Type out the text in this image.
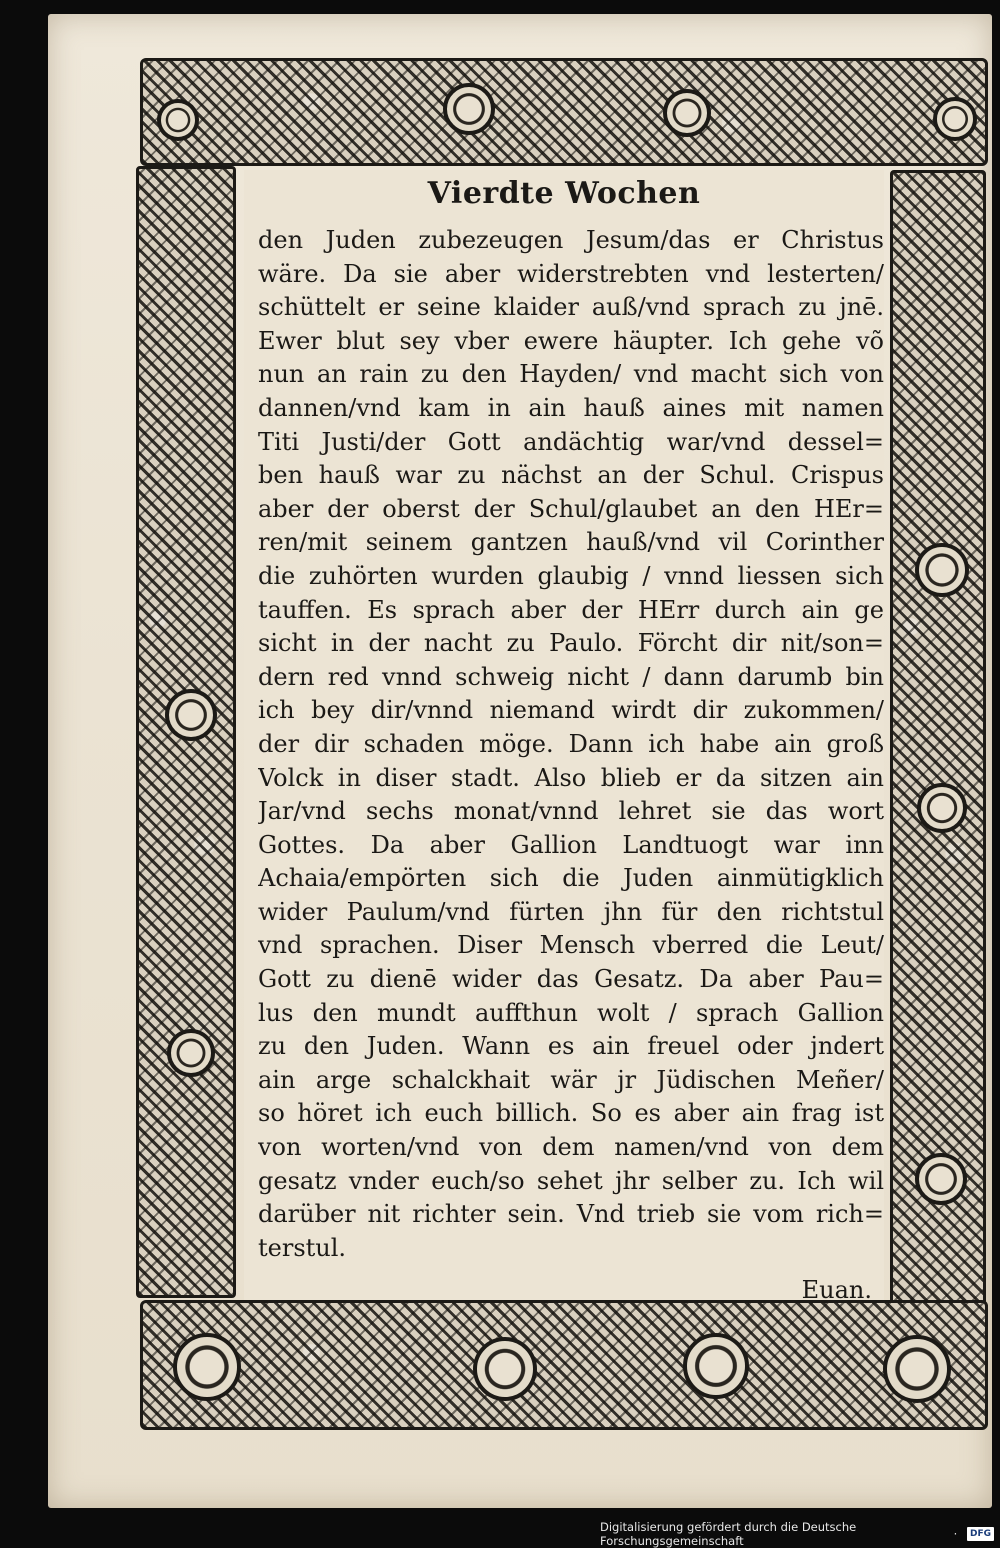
Vierdte Wochen
den Juden zubezeugen Jesum/das er Christus
wäre. Da sie aber widerstrebten vnd lesterten/
schüttelt er seine klaider auß/vnd sprach zu jnē.
Ewer blut sey vber ewere häupter. Ich gehe võ
nun an rain zu den Hayden/ vnd macht sich von
dannen/vnd kam in ain hauß aines mit namen
Titi Justi/der Gott andächtig war/vnd dessel=
ben hauß war zu nächst an der Schul. Crispus
aber der oberst der Schul/glaubet an den HEr=
ren/mit seinem gantzen hauß/vnd vil Corinther
die zuhörten wurden glaubig / vnnd liessen sich
tauffen. Es sprach aber der HErr durch ain ge
sicht in der nacht zu Paulo. Förcht dir nit/son=
dern red vnnd schweig nicht / dann darumb bin
ich bey dir/vnnd niemand wirdt dir zukommen/
der dir schaden möge. Dann ich habe ain groß
Volck in diser stadt. Also blieb er da sitzen ain
Jar/vnd sechs monat/vnnd lehret sie das wort
Gottes. Da aber Gallion Landtuogt war inn
Achaia/empörten sich die Juden ainmütigklich
wider Paulum/vnd fürten jhn für den richtstul
vnd sprachen. Diser Mensch vberred die Leut/
Gott zu dienē wider das Gesatz. Da aber Pau=
lus den mundt auffthun wolt / sprach Gallion
zu den Juden. Wann es ain freuel oder jndert
ain arge schalckhait wär jr Jüdischen Meñer/
so höret ich euch billich. So es aber ain frag ist
von worten/vnd von dem namen/vnd von dem
gesatz vnder euch/so sehet jhr selber zu. Ich wil
darüber nit richter sein. Vnd trieb sie vom rich=
terstul.
Euan.
Digitalisierung gefördert durch die Deutsche Forschungsgemeinschaft	·	DFG
